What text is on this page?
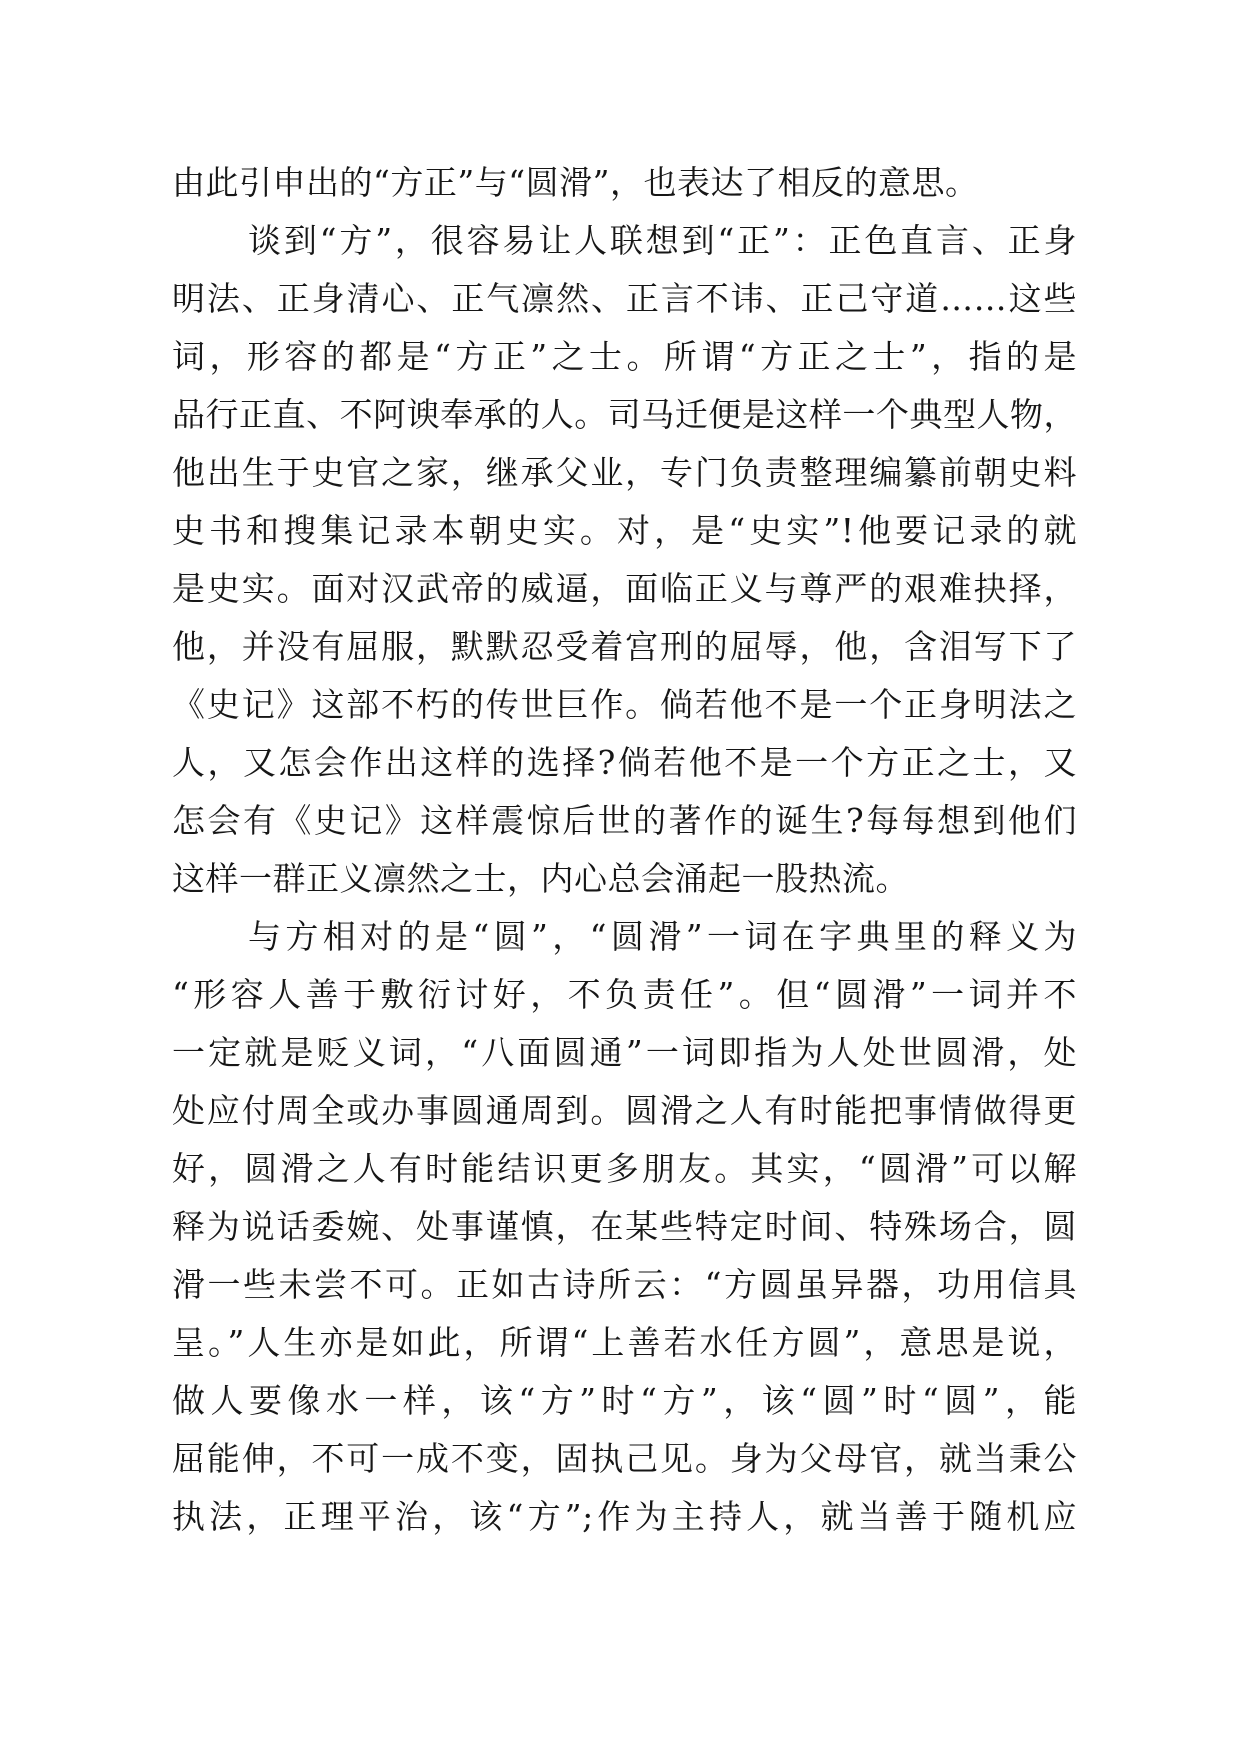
由此引申出的“方正”与“圆滑”，也表达了相反的意思。
谈到“方”，很容易让人联想到“正”：正色直言、正身
明法、正身清心、正气凛然、正言不讳、正己守道……这些
词，形容的都是“方正”之士。所谓“方正之士”，指的是
品行正直、不阿谀奉承的人。司马迁便是这样一个典型人物，
他出生于史官之家，继承父业，专门负责整理编纂前朝史料
史书和搜集记录本朝史实。对，是“史实”!他要记录的就
是史实。面对汉武帝的威逼，面临正义与尊严的艰难抉择，
他，并没有屈服，默默忍受着宫刑的屈辱，他，含泪写下了
《史记》这部不朽的传世巨作。倘若他不是一个正身明法之
人，又怎会作出这样的选择?倘若他不是一个方正之士，又
怎会有《史记》这样震惊后世的著作的诞生?每每想到他们
这样一群正义凛然之士，内心总会涌起一股热流。
与方相对的是“圆”，“圆滑”一词在字典里的释义为
“形容人善于敷衍讨好，不负责任”。但“圆滑”一词并不
一定就是贬义词，“八面圆通”一词即指为人处世圆滑，处
处应付周全或办事圆通周到。圆滑之人有时能把事情做得更
好，圆滑之人有时能结识更多朋友。其实，“圆滑”可以解
释为说话委婉、处事谨慎，在某些特定时间、特殊场合，圆
滑一些未尝不可。正如古诗所云：“方圆虽异器，功用信具
呈。”人生亦是如此，所谓“上善若水任方圆”，意思是说，
做人要像水一样，该“方”时“方”，该“圆”时“圆”，能
屈能伸，不可一成不变，固执己见。身为父母官，就当秉公
执法，正理平治，该“方”;作为主持人，就当善于随机应
